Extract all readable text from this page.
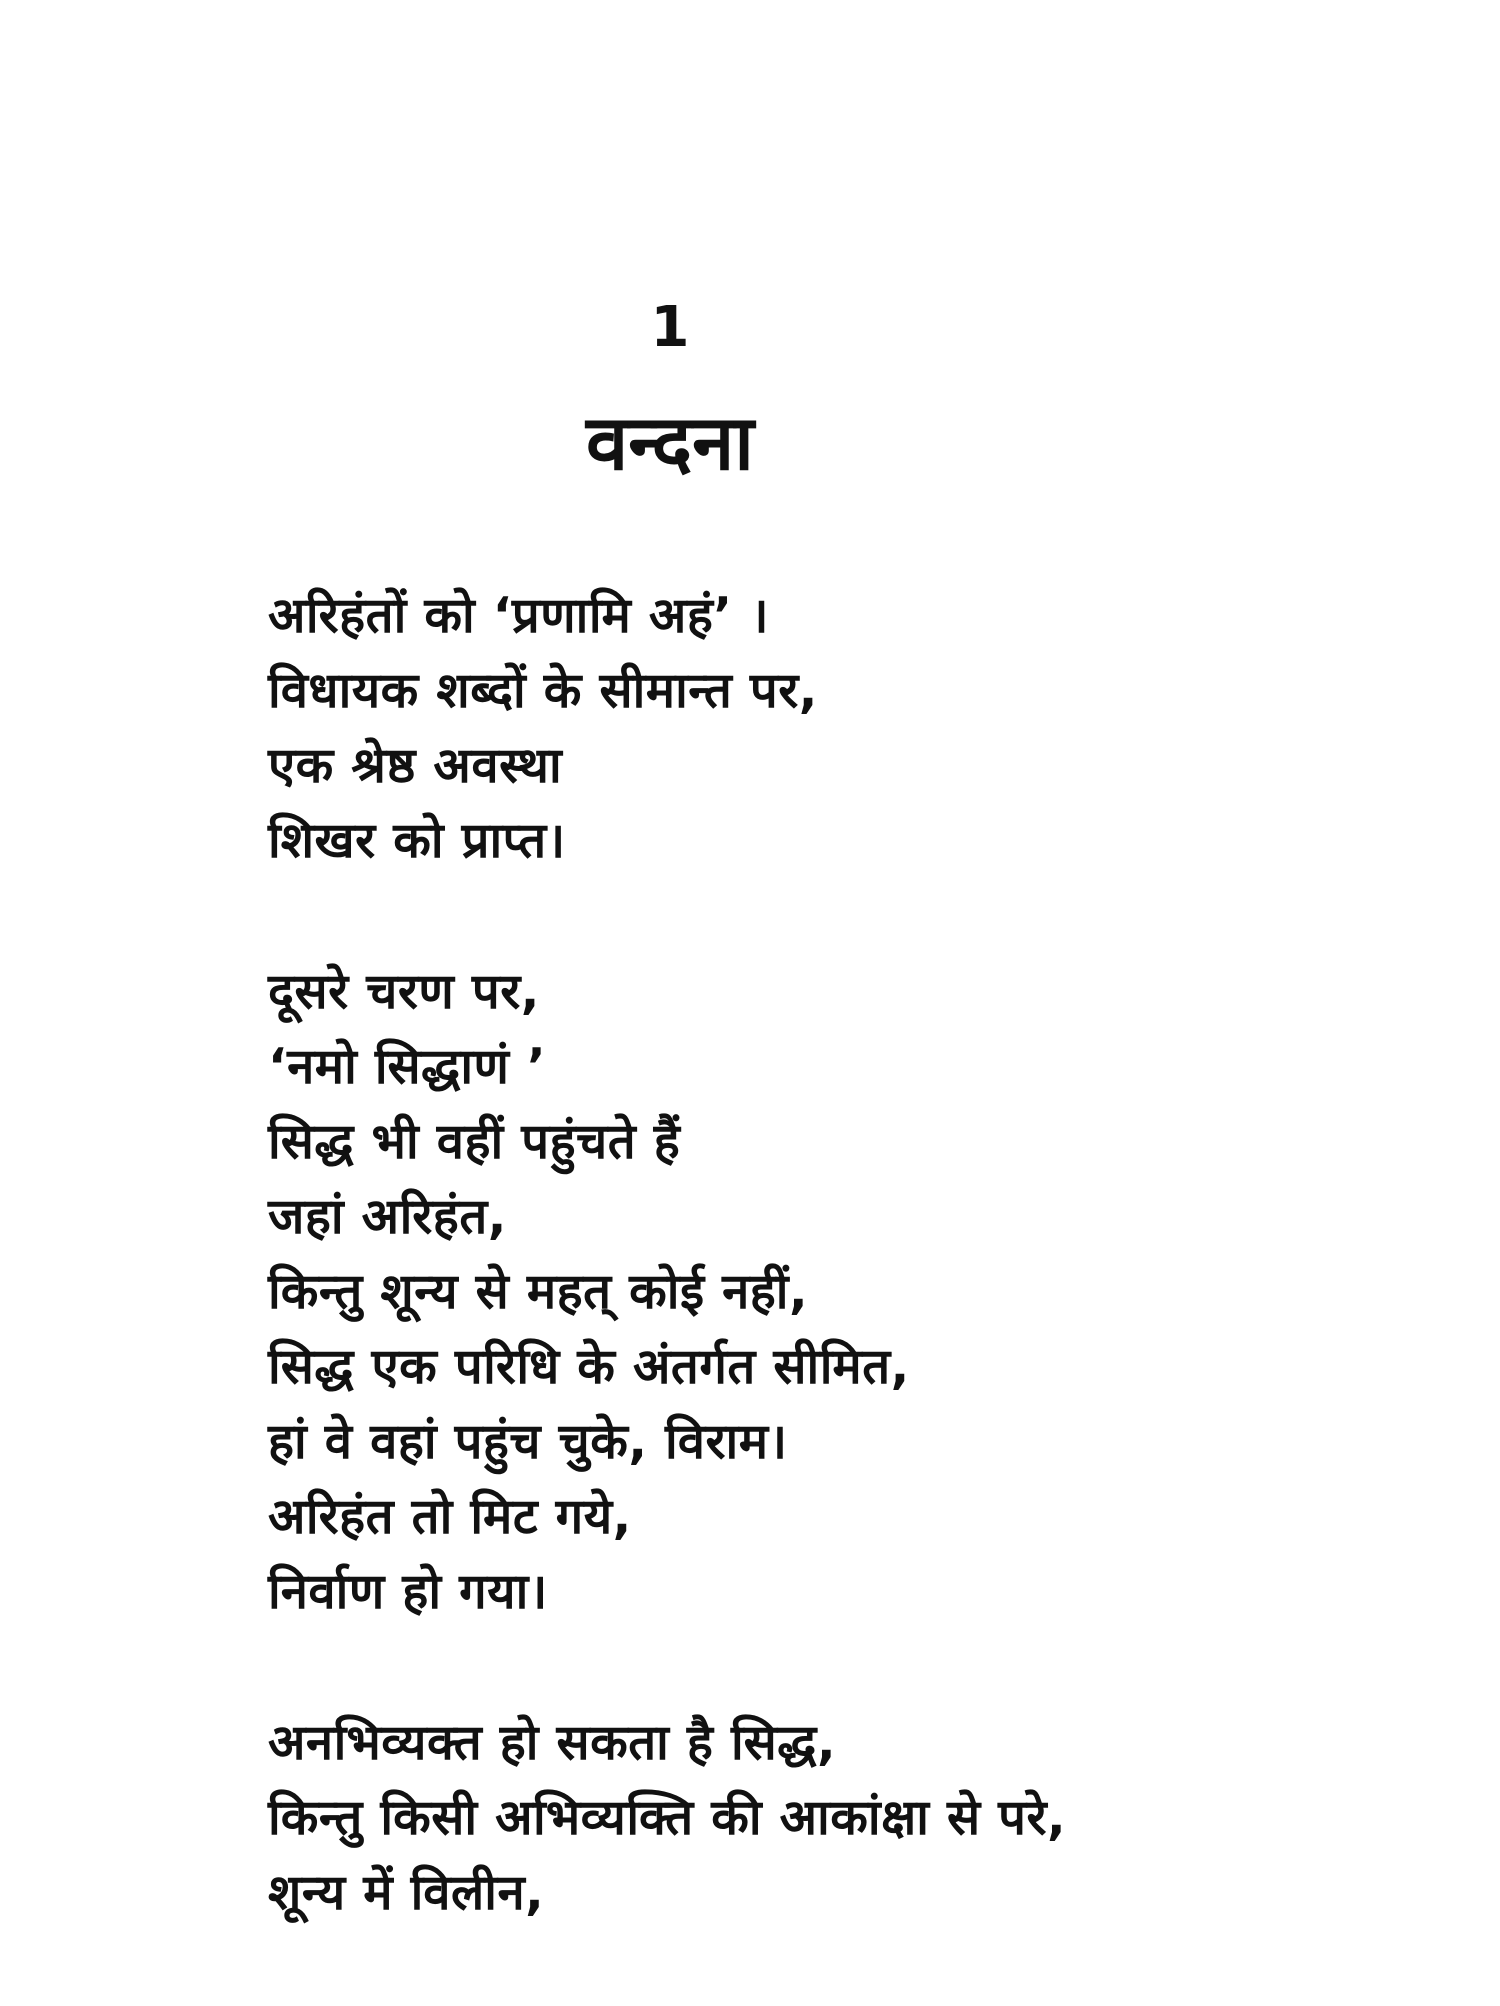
1
वन्दना
अरिहंतों को ‘प्रणामि अहं’ ।
विधायक शब्दों के सीमान्त पर,
एक श्रेष्ठ अवस्था
शिखर को प्राप्त।
दूसरे चरण पर,
‘नमो सिद्धाणं ’
सिद्ध भी वहीं पहुंचते हैं
जहां अरिहंत,
किन्तु शून्य से महत् कोई नहीं,
सिद्ध एक परिधि के अंतर्गत सीमित,
हां वे वहां पहुंच चुके, विराम।
अरिहंत तो मिट गये,
निर्वाण हो गया।
अनभिव्यक्त हो सकता है सिद्ध,
किन्तु किसी अभिव्यक्ति की आकांक्षा से परे,
शून्य में विलीन,
